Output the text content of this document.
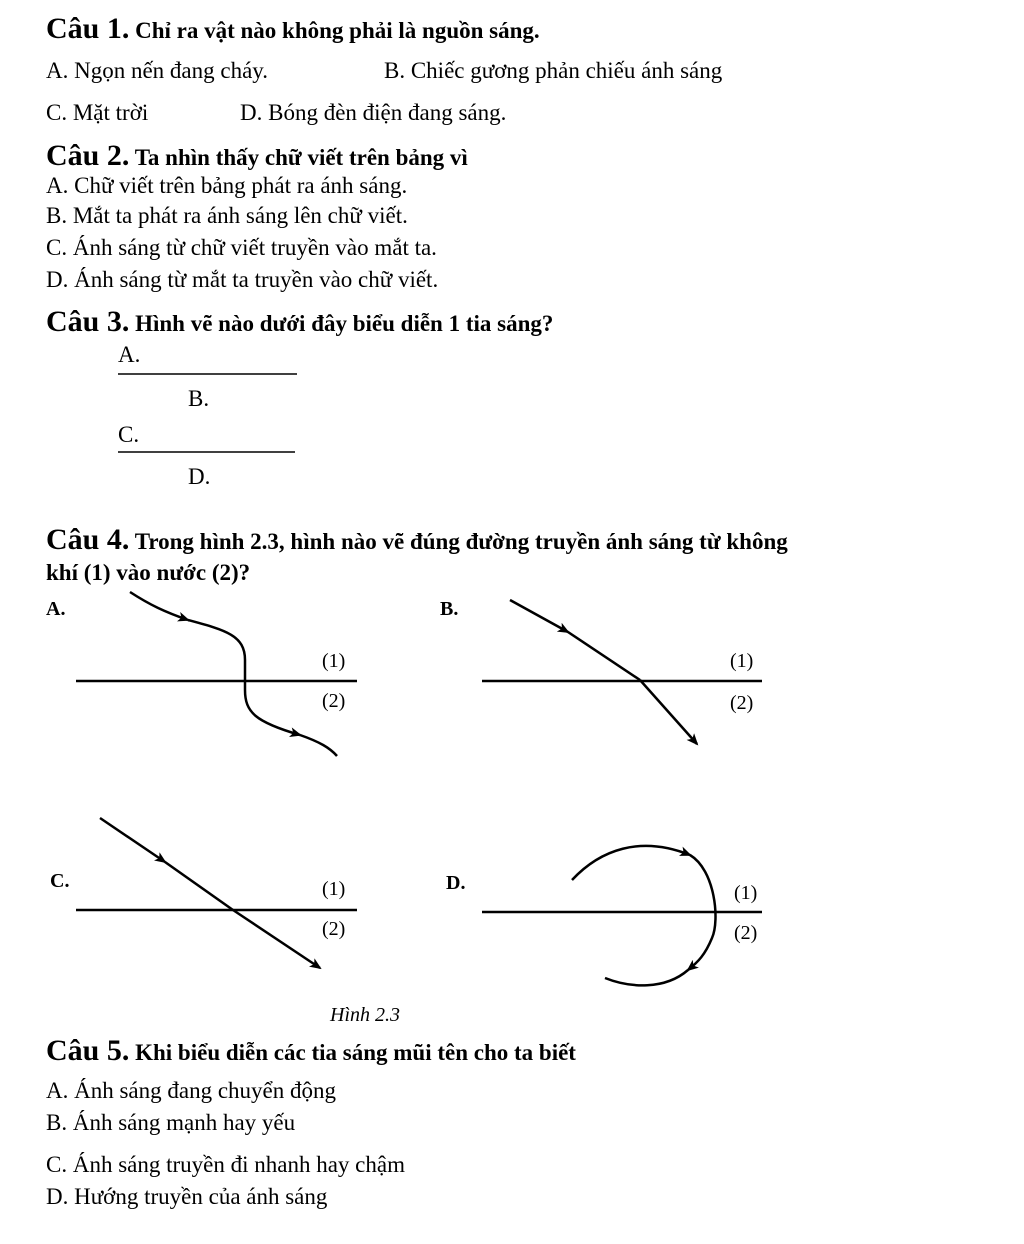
Câu 1. Chỉ ra vật nào không phải là nguồn sáng.
A. Ngọn nến đang cháy.	B. Chiếc gương phản chiếu ánh sáng
C. Mặt trời	D. Bóng đèn điện đang sáng.
Câu 2. Ta nhìn thấy chữ viết trên bảng vì
A. Chữ viết trên bảng phát ra ánh sáng.
B. Mắt ta phát ra ánh sáng lên chữ viết.
C. Ánh sáng từ chữ viết truyền vào mắt ta.
D. Ánh sáng từ mắt ta truyền vào chữ viết.
Câu 3. Hình vẽ nào dưới đây biểu diễn 1 tia sáng?
A.
B.
C.
D.
Câu 4. Trong hình 2.3, hình nào vẽ đúng đường truyền ánh sáng từ không
khí (1) vào nước (2)?
A.	B.
C.	D.
(1)
(2)
(1)
(2)
(1)
(2)
(1)
(2)
Hình 2.3
Câu 5. Khi biểu diễn các tia sáng mũi tên cho ta biết
A. Ánh sáng đang chuyển động
B. Ánh sáng mạnh hay yếu
C. Ánh sáng truyền đi nhanh hay chậm
D. Hướng truyền của ánh sáng
